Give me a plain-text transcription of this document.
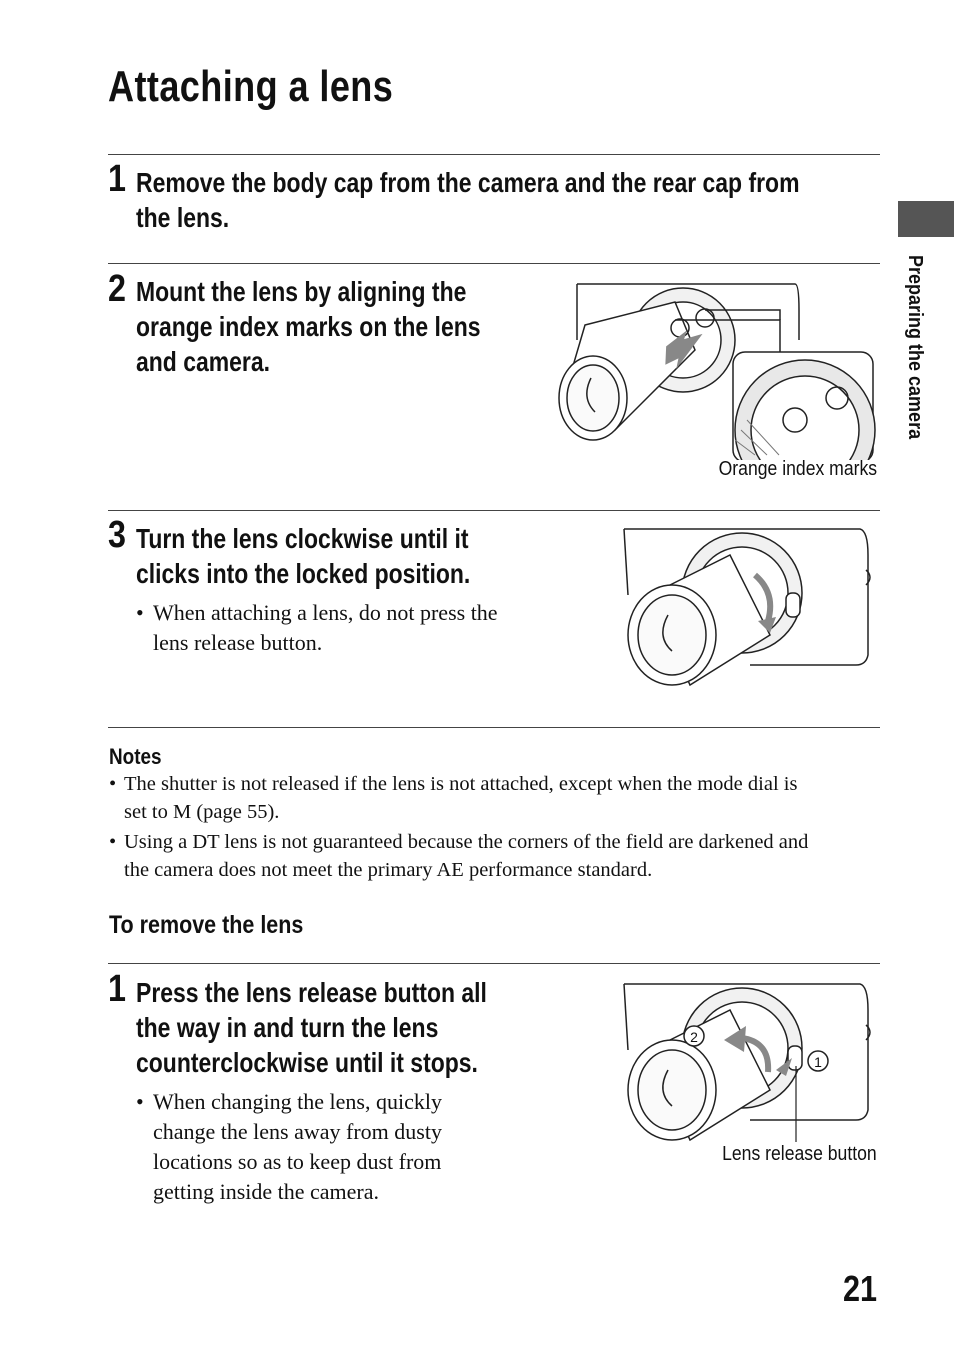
Attaching a lens
Preparing the camera
1 Remove the body cap from the camera and the rear cap from
the lens.
2 Mount the lens by aligning the
orange index marks on the lens
and camera.
Orange index marks
3 Turn the lens clockwise until it
clicks into the locked position.
• When attaching a lens, do not press the
lens release button.
Notes
• The shutter is not released if the lens is not attached, except when the mode dial is
set to M (page 55).
• Using a DT lens is not guaranteed because the corners of the field are darkened and
the camera does not meet the primary AE performance standard.
To remove the lens
1 Press the lens release button all
the way in and turn the lens
counterclockwise until it stops.
• When changing the lens, quickly
change the lens away from dusty
locations so as to keep dust from
getting inside the camera.
2
1
Lens release button
21
